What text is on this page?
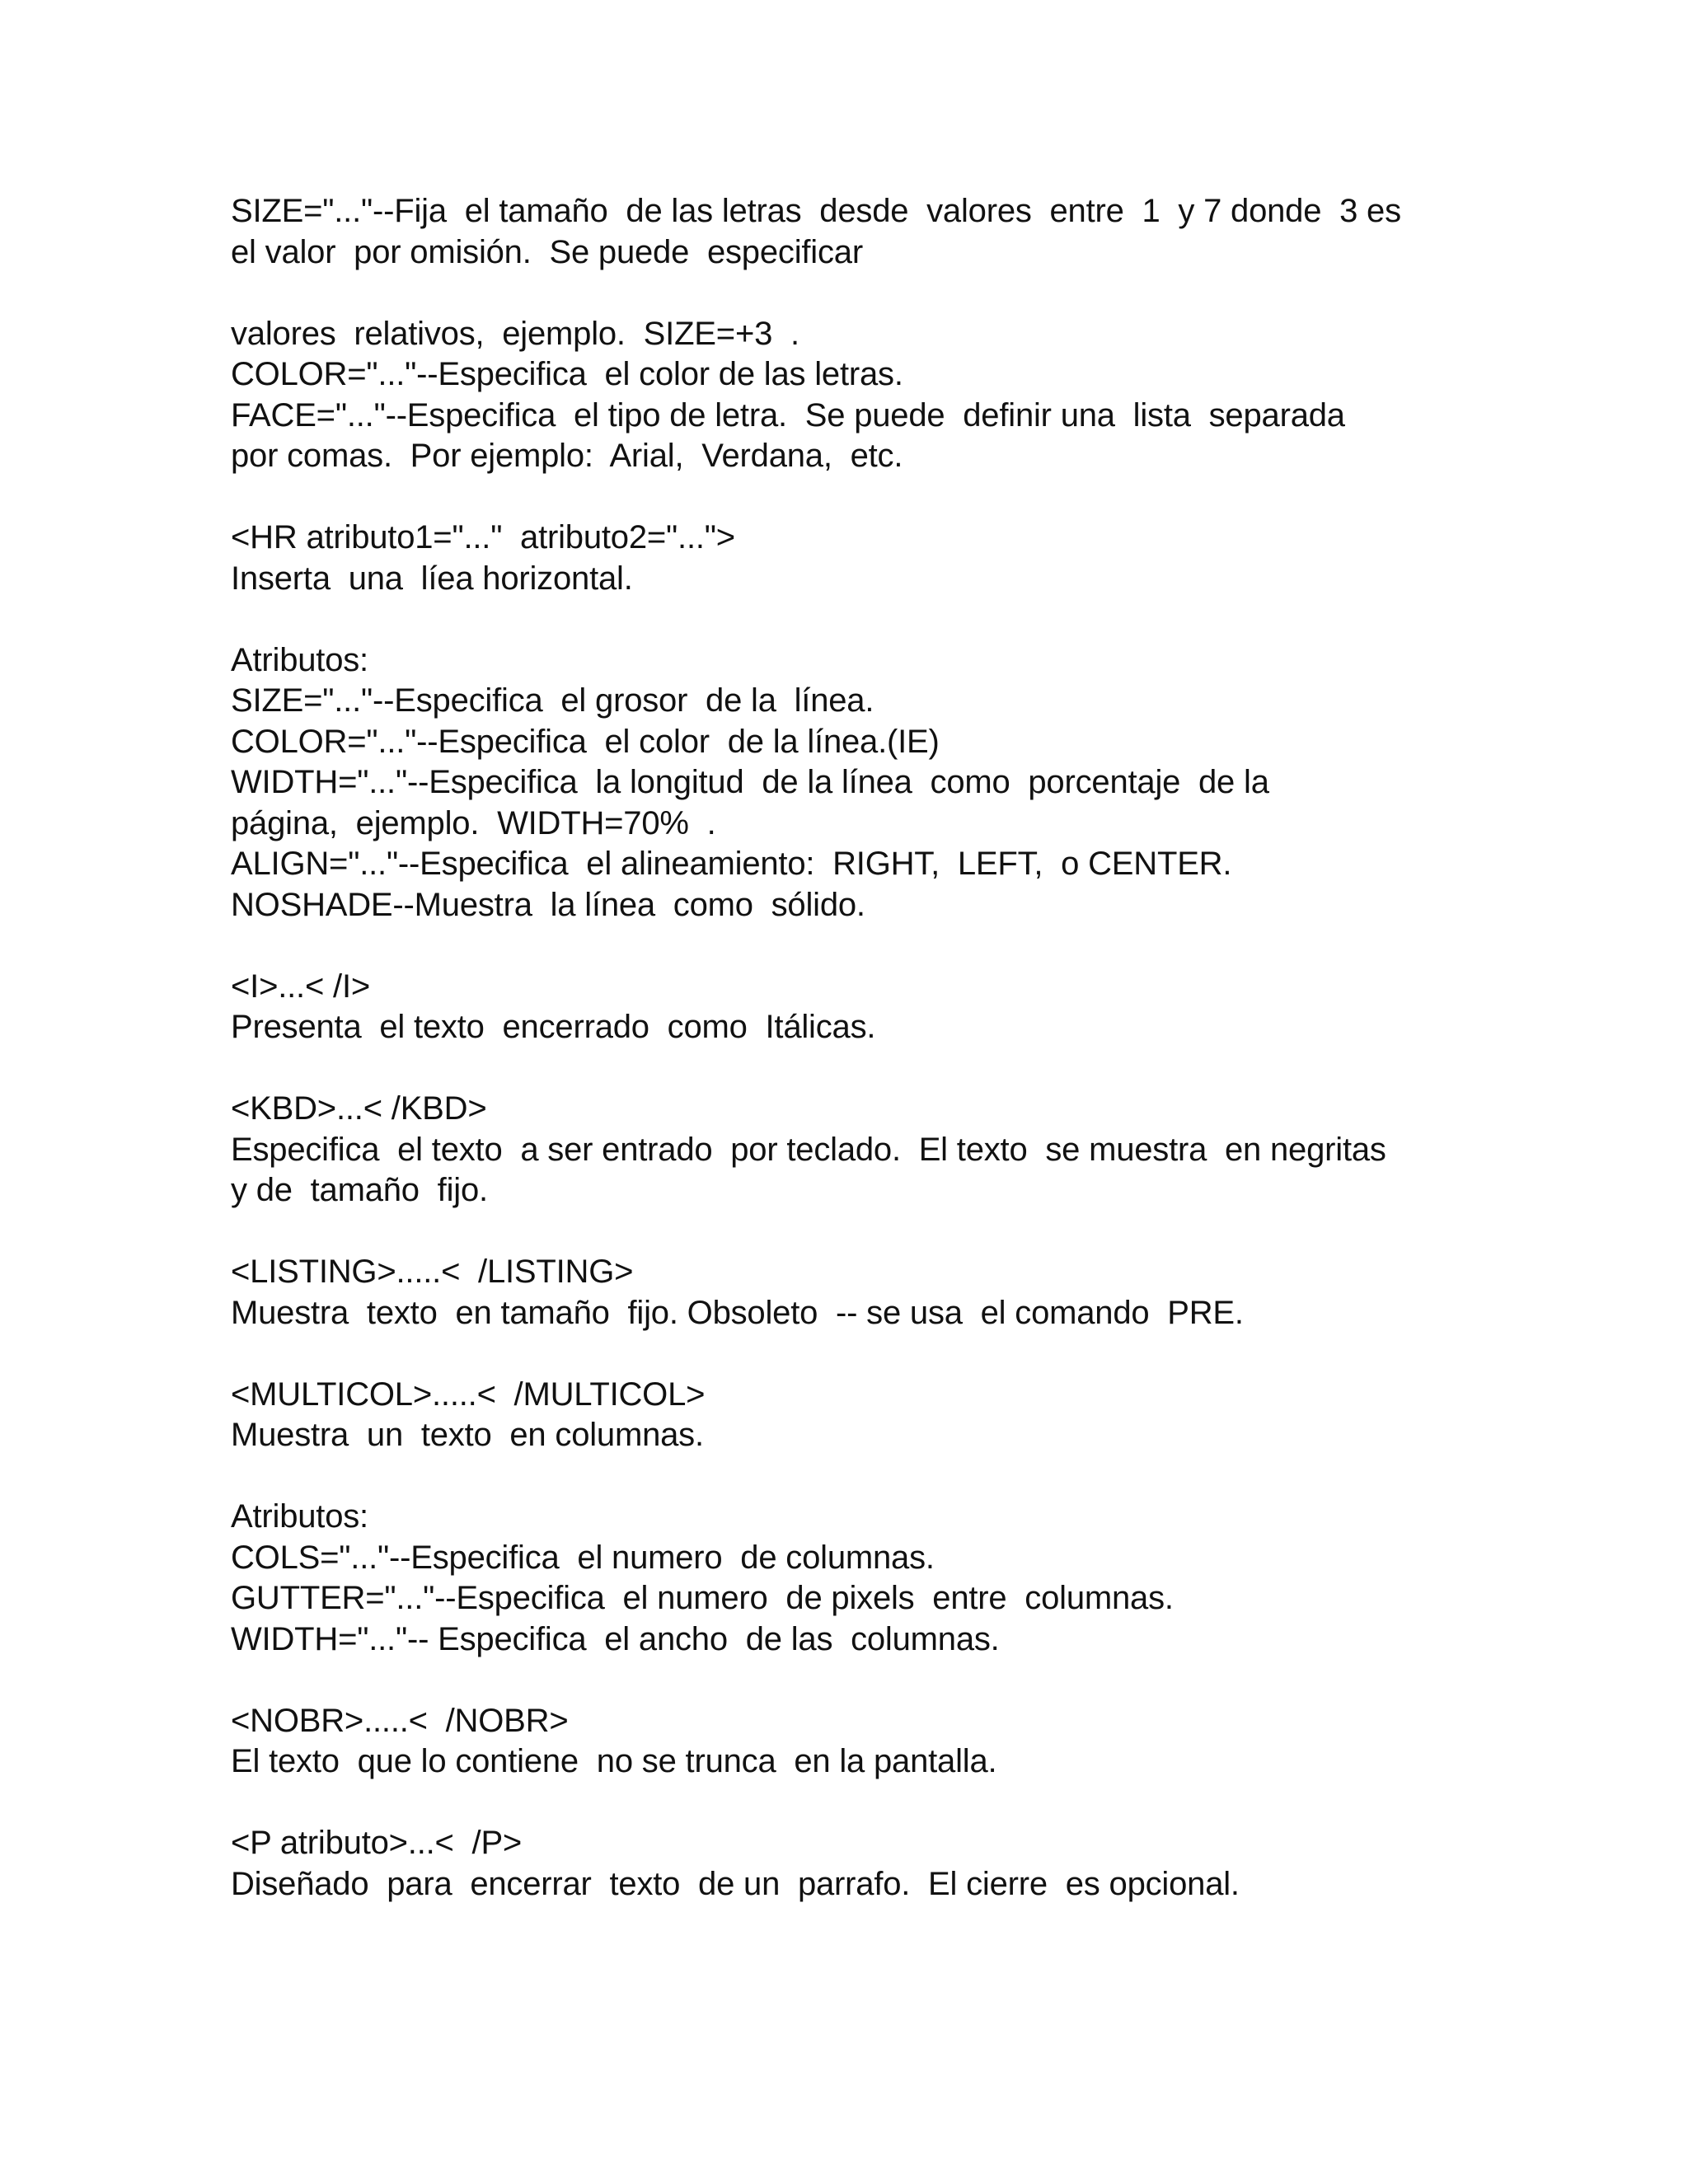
SIZE="..."--Fija  el tamaño  de las letras  desde  valores  entre  1  y 7 donde  3 es
el valor  por omisión.  Se puede  especificar
valores  relativos,  ejemplo.  SIZE=+3  .
COLOR="..."--Especifica  el color de las letras.
FACE="..."--Especifica  el tipo de letra.  Se puede  definir una  lista  separada
por comas.  Por ejemplo:  Arial,  Verdana,  etc.
<HR atributo1="..."  atributo2="...">
Inserta  una  líea horizontal.
Atributos:
SIZE="..."--Especifica  el grosor  de la  línea.
COLOR="..."--Especifica  el color  de la línea.(IE)
WIDTH="..."--Especifica  la longitud  de la línea  como  porcentaje  de la
página,  ejemplo.  WIDTH=70%  .
ALIGN="..."--Especifica  el alineamiento:  RIGHT,  LEFT,  o CENTER.
NOSHADE--Muestra  la línea  como  sólido.
<I>...< /I>
Presenta  el texto  encerrado  como  Itálicas.
<KBD>...< /KBD>
Especifica  el texto  a ser entrado  por teclado.  El texto  se muestra  en negritas
y de  tamaño  fijo.
<LISTING>.....<  /LISTING>
Muestra  texto  en tamaño  fijo. Obsoleto  -- se usa  el comando  PRE.
<MULTICOL>.....<  /MULTICOL>
Muestra  un  texto  en columnas.
Atributos:
COLS="..."--Especifica  el numero  de columnas.
GUTTER="..."--Especifica  el numero  de pixels  entre  columnas.
WIDTH="..."-- Especifica  el ancho  de las  columnas.
<NOBR>.....<  /NOBR>
El texto  que lo contiene  no se trunca  en la pantalla.
<P atributo>...<  /P>
Diseñado  para  encerrar  texto  de un  parrafo.  El cierre  es opcional.
